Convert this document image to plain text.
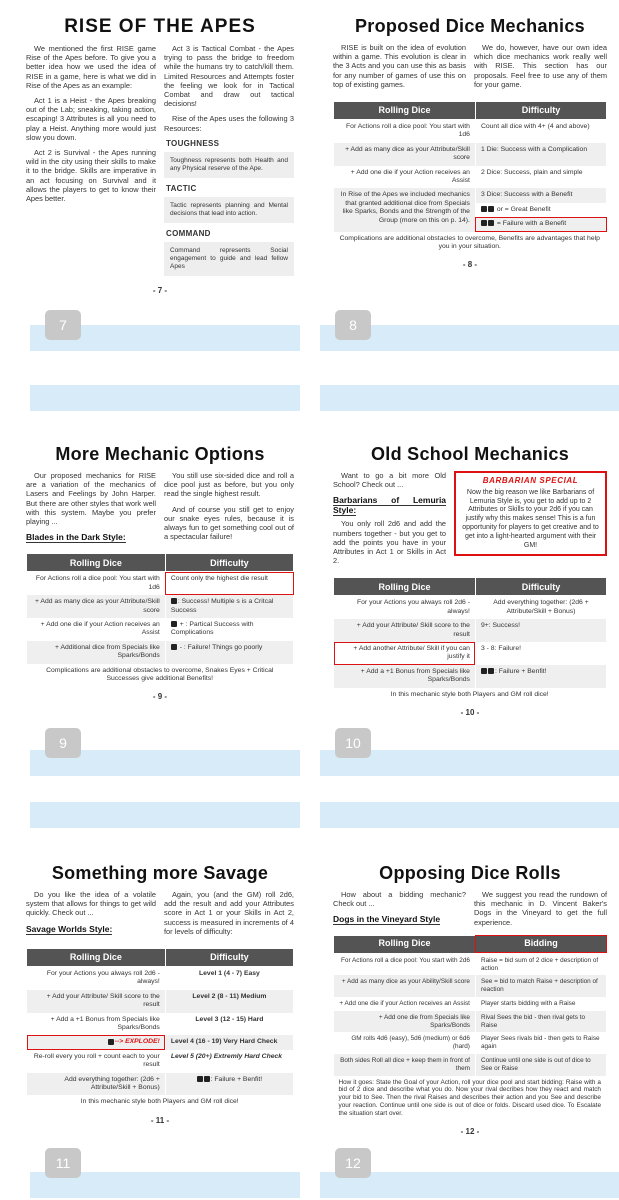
RISE OF THE APES

We mentioned the first RISE game Rise of the Apes before. To give you a better idea how we used the idea of RISE in a game, here is what we did in Rise of the Apes as an example:

Act 1 is a Heist - the Apes breaking out of the Lab; sneaking, taking action, escaping! 3 Attributes is all you need to play a Heist. Anything more would just slow you down.

Act 2 is Survival - the Apes running wild in the city using their skills to make it to the bridge. Skills are imperative in an act focusing on Survival and it allows the players to get to know their Apes better.

Act 3 is Tactical Combat - the Apes trying to pass the bridge to freedom while the humans try to catch/kill them. Limited Resources and Attempts foster the feeling we look for in Tactical Combat and draw out tactical decisions!

Rise of the Apes uses the following 3 Resources:

TOUGHNESS
Toughness represents both Health and any Physical reserve of the Ape.
TACTIC
Tactic represents planning and Mental decisions that lead into action.
COMMAND
Command represents Social engagement to guide and lead fellow Apes
- 7 -
7
Proposed Dice Mechanics

RISE is built on the idea of evolution within a game. This evolution is clear in the 3 Acts and you can use this as basis for any number of games of use this on top of existing games.

We do, however, have our own idea which dice mechanics work really well with RISE. This section has our proposals. Feel free to use any of them for your game.

Rolling Dice	Difficulty
For Actions roll a dice pool: You start with 1d6	Count all dice with 4+ (4 and above)
+ Add as many dice as your Attribute/Skill score	1 Die: Success with a Complication
+ Add one die if your Action receives an Assist	2 Dice: Success, plain and simple
In Rise of the Apes we included mechanics that granted additional dice from Specials like Sparks, Bonds and the Strength of the Group (more on this on p. 14).	3 Dice: Success with a Benefit
	or = Great Benefit
	= Failure with a Benefit
Complications are additional obstacles to overcome, Benefits are advantages that help you in your situation.	
- 8 -
8
More Mechanic Options

Our proposed mechanics for RISE are a variation of the mechanics of Lasers and Feelings by John Harper. But there are other styles that work well with this system. Maybe you prefer playing ...

Blades in the Dark Style:

You still use six-sided dice and roll a dice pool just as before, but you only read the single highest result.

And of course you still get to enjoy our snake eyes rules, because it is always fun to get something cool out of a spectacular failure!

Rolling Dice	Difficulty
For Actions roll a dice pool: You start with 1d6	Count only the highest die result
+ Add as many dice as your Attribute/Skill score	: Success! Multiple s is a Critcal Success
+ Add one die if your Action receives an Assist	+ : Partical Success with Complications
+ Additional dice from Specials like Sparks/Bonds	- : Failure! Things go poorly
Complications are additional obstacles to overcome, Snakes Eyes + Critical Successes give additional Benefits!	
- 9 -
9
Old School Mechanics

Want to go a bit more Old School? Check out ...

Barbarians of Lemuria Style:

You only roll 2d6 and add the numbers together - but you get to add the points you have in your Attributes in Act 1 or Skills in Act 2.

BARBARIAN SPECIAL
Now the big reason we like Barbarians of Lemuria Style is, you get to add up to 2 Attributes or Skills to your 2d6 if you can justify why this makes sense! This is a fun opportunity for players to get creative and to get into a light-hearted argument with their GM!
Rolling Dice	Difficulty
For your Actions you always roll 2d6 - always!	Add everything together: (2d6 + Attribute/Skill + Bonus)
+ Add your Attribute/ Skill score to the result	9+: Success!
+ Add another Attribute/ Skill if you can justify it	3 - 8: Failure!
+ Add a +1 Bonus from Specials like Sparks/Bonds	: Failure + Benfit!
In this mechanic style both Players and GM roll dice!	
- 10 -
10
Something more Savage

Do you like the idea of a volatile system that allows for things to get wild quickly. Check out ...

Savage Worlds Style:

Again, you (and the GM) roll 2d6, add the result and add your Attributes score in Act 1 or your Skills in Act 2, success is measured in increments of 4 for levels of difficulty:

Rolling Dice	Difficulty
For your Actions you always roll 2d6 - always!	Level 1 (4 - 7) Easy
+ Add your Attribute/ Skill score to the result	Level 2 (8 - 11) Medium
+ Add a +1 Bonus from Specials like Sparks/Bonds	Level 3 (12 - 15) Hard
--> EXPLODE!	Level 4 (16 - 19) Very Hard Check
Re-roll every you roll + count each to your result	Level 5 (20+) Extremly Hard Check
Add everything together: (2d6 + Attribute/Skill + Bonus)	: Failure + Benfit!
In this mechanic style both Players and GM roll dice!	
- 11 -
11
Opposing Dice Rolls

How about a bidding mechanic? Check out ...

Dogs in the Vineyard Style

We suggest you read the rundown of this mechanic in D. Vincent Baker's Dogs in the Vineyard to get the full experience.

Rolling Dice	Bidding
For Actions roll a dice pool: You start with 2d6	Raise = bid sum of 2 dice + description of action
+ Add as many dice as your Ability/Skill score	See = bid to match Raise + description of reaction
+ Add one die if your Action receives an Assist	Player starts bidding with a Raise
+ Add one die from Specials like Sparks/Bonds	Rival Sees the bid - then rival gets to Raise
GM rolls 4d6 (easy), 5d6 (medium) or 6d6 (hard)	Player Sees rivals bid - then gets to Raise again
Both sides Roll all dice + keep them in front of them	Continue until one side is out of dice to See or Raise
How it goes: State the Goal of your Action, roll your dice pool and start bidding: Raise with a bid of 2 dice and describe what you do. Now your rival decribes how they react and match your bid to See. Then the rival Raises and describes their action and you See and describe your reaction. Continue until one side is out of dice or folds. Discard used dice. To Escalate the situation start over.	
- 12 -
12
